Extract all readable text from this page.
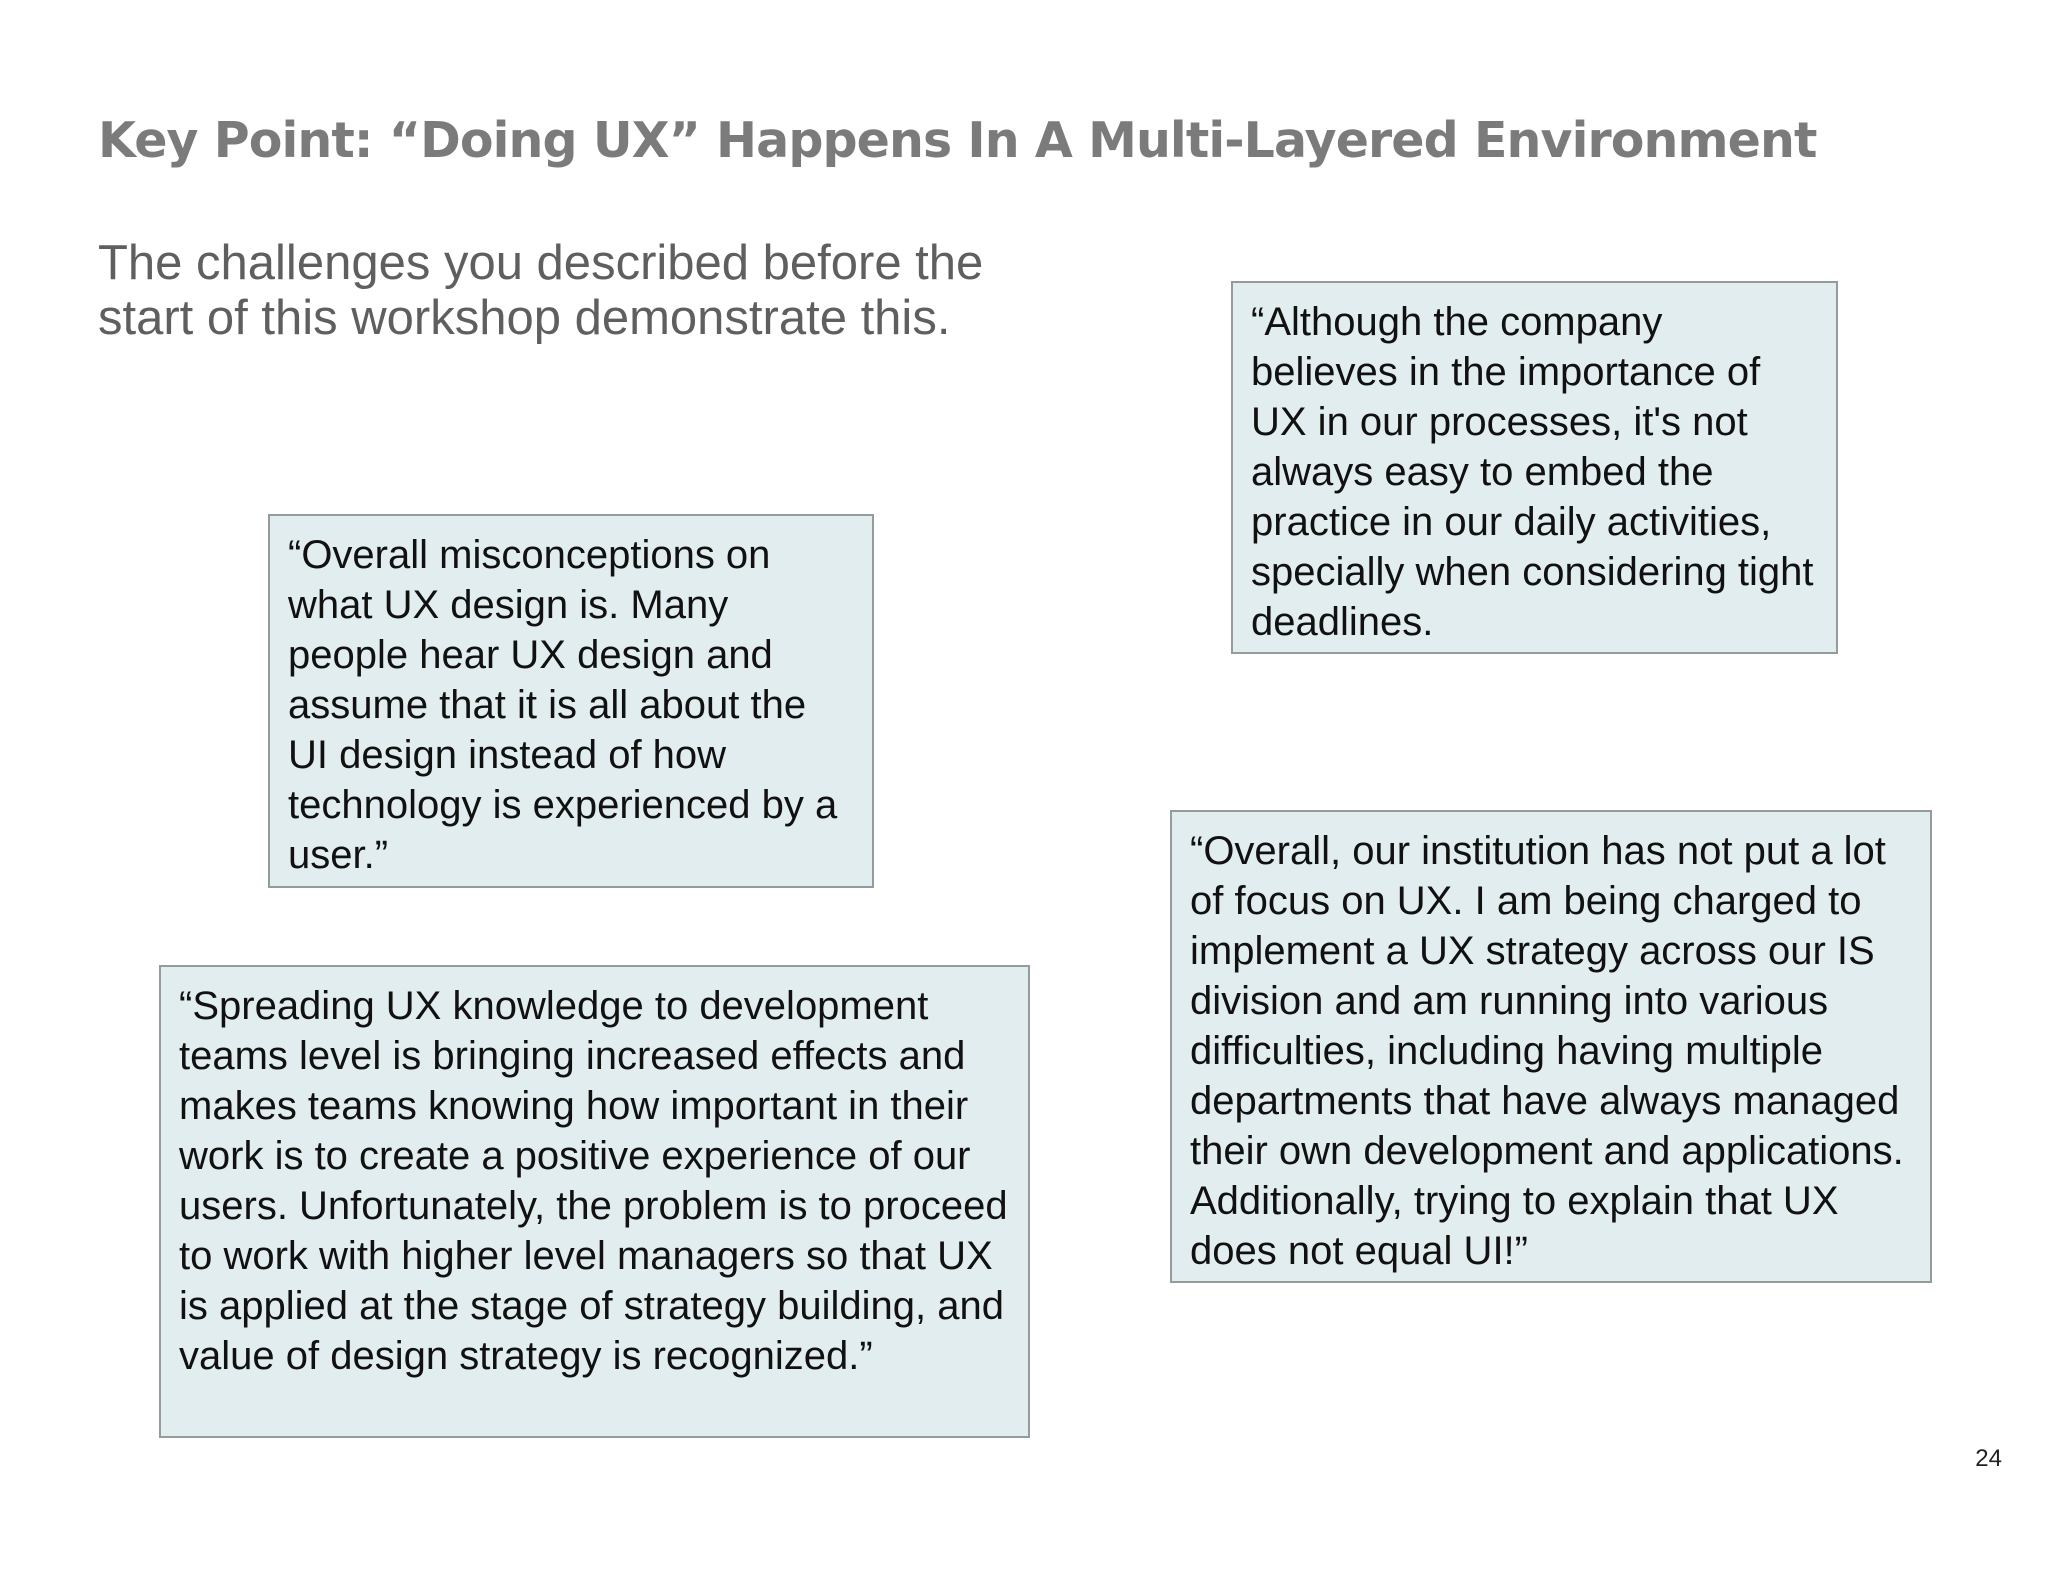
Key Point: “Doing UX” Happens In A Multi-Layered Environment

The challenges you described before the start of this workshop demonstrate this.

“Overall misconceptions on what UX design is. Many people hear UX design and assume that it is all about the UI design instead of how technology is experienced by a user.”

“Although the company believes in the importance of UX in our processes, it's not always easy to embed the practice in our daily activities, specially when considering tight deadlines.

“Spreading UX knowledge to development teams level is bringing increased effects and makes teams knowing how important in their work is to create a positive experience of our users. Unfortunately, the problem is to proceed to work with higher level managers so that UX is applied at the stage of strategy building, and value of design strategy is recognized.”

“Overall, our institution has not put a lot of focus on UX. I am being charged to implement a UX strategy across our IS division and am running into various difficulties, including having multiple departments that have always managed their own development and applications. Additionally, trying to explain that UX does not equal UI!”

24
